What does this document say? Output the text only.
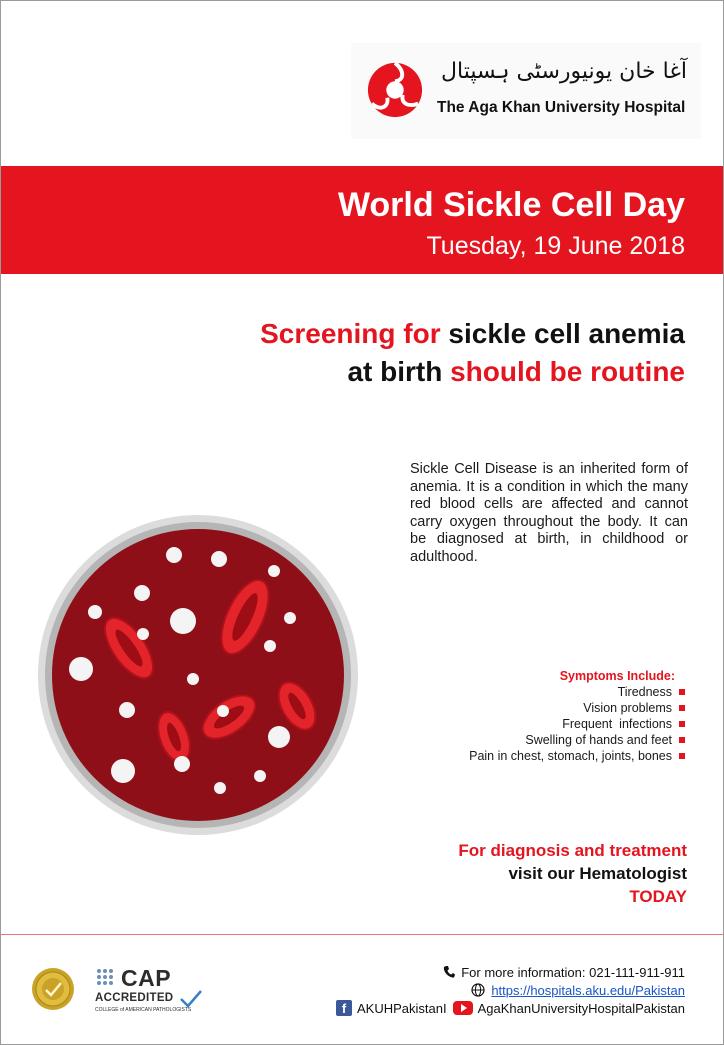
آغا خان یونیورسٹی ہسپتال
The Aga Khan University Hospital
World Sickle Cell Day
Tuesday, 19 June 2018
Screening for sickle cell anemia
at birth should be routine
Sickle Cell Disease is an inherited form of anemia. It is a condition in which the many red blood cells are affected and cannot carry oxygen throughout the body. It can be diagnosed at birth, in childhood or adulthood.
Symptoms Include:
Tiredness
Vision problems
Frequent  infections
Swelling of hands and feet
Pain in chest, stomach, joints, bones
For diagnosis and treatment
visit our Hematologist
TODAY
CAP
ACCREDITED
COLLEGE of AMERICAN PATHOLOGISTS
For more information: 021-111-911-911
https://hospitals.aku.edu/Pakistan
f AKUHPakistanI AgaKhanUniversityHospitalPakistan
